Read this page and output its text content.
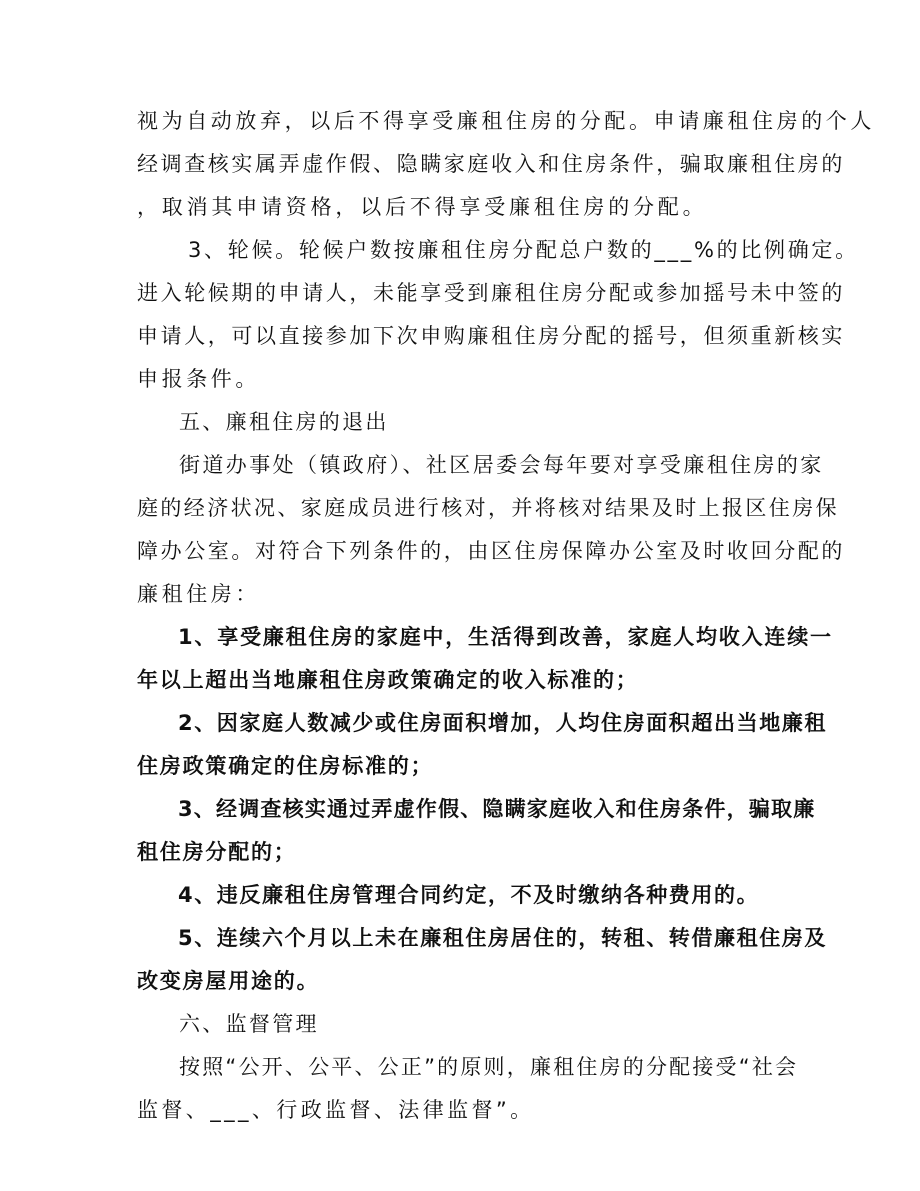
视为自动放弃，以后不得享受廉租住房的分配。申请廉租住房的个人
经调查核实属弄虚作假、隐瞒家庭收入和住房条件，骗取廉租住房的
，取消其申请资格，以后不得享受廉租住房的分配。
3、轮候。轮候户数按廉租住房分配总户数的___%的比例确定。
进入轮候期的申请人，未能享受到廉租住房分配或参加摇号未中签的
申请人，可以直接参加下次申购廉租住房分配的摇号，但须重新核实
申报条件。
五、廉租住房的退出
街道办事处（镇政府）、社区居委会每年要对享受廉租住房的家
庭的经济状况、家庭成员进行核对，并将核对结果及时上报区住房保
障办公室。对符合下列条件的，由区住房保障办公室及时收回分配的
廉租住房：
1、享受廉租住房的家庭中，生活得到改善，家庭人均收入连续一
年以上超出当地廉租住房政策确定的收入标准的；
2、因家庭人数减少或住房面积增加，人均住房面积超出当地廉租
住房政策确定的住房标准的；
3、经调查核实通过弄虚作假、隐瞒家庭收入和住房条件，骗取廉
租住房分配的；
4、违反廉租住房管理合同约定，不及时缴纳各种费用的。
5、连续六个月以上未在廉租住房居住的，转租、转借廉租住房及
改变房屋用途的。
六、监督管理
按照“公开、公平、公正”的原则，廉租住房的分配接受“社会
监督、___、行政监督、法律监督”。
